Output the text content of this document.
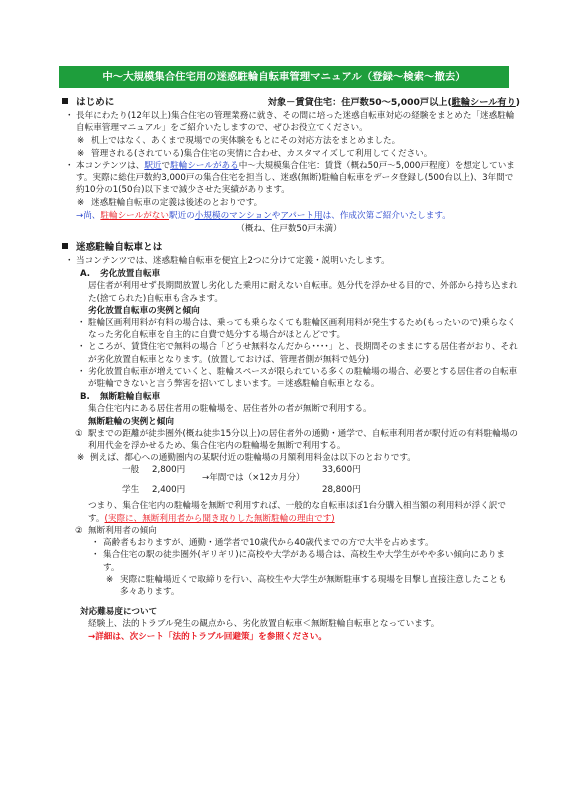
中～大規模集合住宅用の迷惑駐輪自転車管理マニュアル（登録～検索～撤去）
はじめに	対象－賃貸住宅：住戸数50～5,000戸以上(駐輪シール有り)
・ 長年にわたり(12年以上)集合住宅の管理業務に就き、その間に培った迷惑自転車対応の経験をまとめた「迷惑駐輪自転車管理マニュアル」をご紹介いたしますので、ぜひお役立てください。
※ 机上ではなく、あくまで現場での実体験をもとにその対応方法をまとめました。
※ 管理される(されている)集合住宅の実情に合わせ、カスタマイズして利用してください。
・ 本コンテンツは、駅近で駐輪シールがある中～大規模集合住宅：賃貸（概ね50戸～5,000戸程度）を想定しています。実際に総住戸数約3,000戸の集合住宅を担当し、迷惑(無断)駐輪自転車をデータ登録し(500台以上)、3年間で約10分の1(50台)以下まで減少させた実績があります。
※ 迷惑駐輪自転車の定義は後述のとおりです。
→尚、駐輪シールがない駅近の小規模のマンションやアパート用は、作成次第ご紹介いたします。
（概ね、住戸数50戸未満）
迷惑駐輪自転車とは
・ 当コンテンツでは、迷惑駐輪自転車を便宜上2つに分けて定義・説明いたします。
A. 劣化放置自転車
居住者が利用せず長期間放置し劣化した乗用に耐えない自転車。処分代を浮かせる目的で、外部から持ち込まれた(捨てられた)自転車も含みます。
劣化放置自転車の実例と傾向
・ 駐輪区画利用料が有料の場合は、乗っても乗らなくても駐輪区画利用料が発生するため(もったいので)乗らなくなった劣化自転車を自主的に自費で処分する場合がほとんどです。
・ ところが、賃貸住宅で無料の場合「どうせ無料なんだから････」と、長期間そのままにする居住者がおり、それが劣化放置自転車となります。(放置しておけば、管理者側が無料で処分)
・ 劣化放置自転車が増えていくと、駐輪スペースが限られている多くの駐輪場の場合、必要とする居住者の自転車が駐輪できないと言う弊害を招いてしまいます。＝迷惑駐輪自転車となる。
B. 無断駐輪自転車
集合住宅内にある居住者用の駐輪場を、居住者外の者が無断で利用する。
無断駐輪の実例と傾向
① 駅までの距離が徒歩圏外(概ね徒歩15分以上)の居住者外の通勤・通学で、自転車利用者が駅付近の有料駐輪場の利用代金を浮かせるため、集合住宅内の駐輪場を無断で利用する。
※ 例えば、都心への通勤圏内の某駅付近の駐輪場の月額利用料金は以下のとおりです。
一般 2,800円	33,600円
→年間では（×12カ月分）
学生 2,400円	28,800円
つまり、集合住宅内の駐輪場を無断で利用すれば、一般的な自転車ほぼ1台分購入相当額の利用料が浮く訳です。(実際に、無断利用者から聞き取りした無断駐輪の理由です)
② 無断利用者の傾向
・ 高齢者もおりますが、通勤・通学者で10歳代から40歳代までの方で大半を占めます。
・ 集合住宅の駅の徒歩圏外(ギリギリ)に高校や大学がある場合は、高校生や大学生がやや多い傾向にあります。
※ 実際に駐輪場近くで取締りを行い、高校生や大学生が無断駐車する現場を目撃し直接注意したことも多々あります。
対応難易度について
経験上、法的トラブル発生の観点から、劣化放置自転車＜無断駐輪自転車となっています。
→詳細は、次シート「法的トラブル回避策」を参照ください。
